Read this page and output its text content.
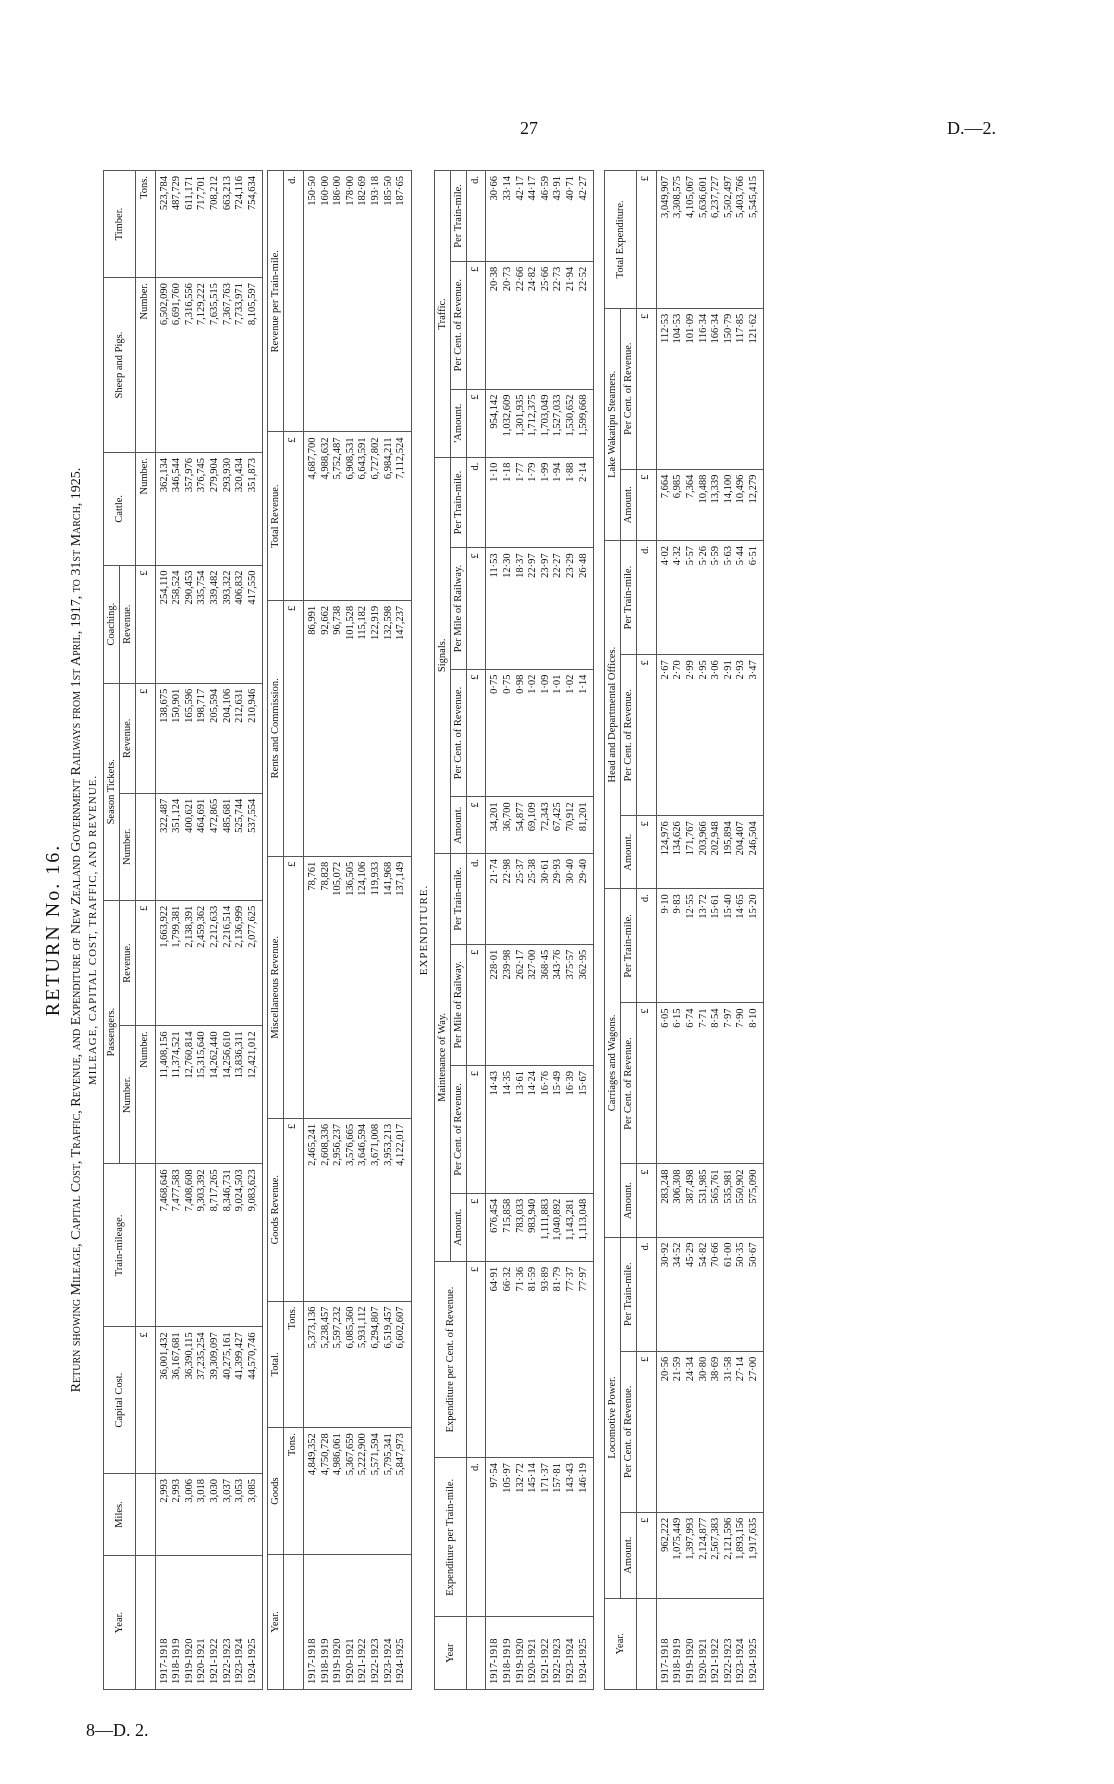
27	D.—2.
8—D. 2.
RETURN No. 16. Return showing Mileage, Capital Cost, Traffic, Revenue, and Expenditure of New Zealand Government Railways from 1st April, 1917, to 31st March, 1925. MILEAGE, CAPITAL COST, TRAFFIC, AND REVENUE.
Year.	Miles.	Capital Cost.	Train-mileage.	Passengers.		Season Tickets.		Coaching.	Cattle.	Sheep and Pigs.	Timber.
				Number.	Revenue.	Number.	Revenue.	Revenue.			
		£		Number.	£		£	£	Number.	Number.	Tons.
1917-1918	2,993	36,001,432	7,468,646	11,408,156	1,663,922	322,487	138,675	254,110	362,134	6,502,090	523,784
1918-1919	2,993	36,167,681	7,477,583	11,374,521	1,799,381	351,124	150,901	258,524	346,544	6,691,760	487,729
1919-1920	3,006	36,390,115	7,408,608	12,760,814	2,138,391	400,621	165,596	290,453	357,976	7,316,556	611,171
1920-1921	3,018	37,235,254	9,303,392	15,315,640	2,459,362	464,691	198,717	335,754	376,745	7,129,222	717,701
1921-1922	3,030	39,309,097	8,717,265	14,262,440	2,212,633	472,865	205,594	339,482	279,904	7,635,515	708,212
1922-1923	3,037	40,275,161	8,346,731	14,256,610	2,216,514	485,681	204,106	393,322	293,930	7,367,763	663,213
1923-1924	3,053	41,399,427	9,024,503	13,836,311	2,136,999	525,744	212,631	406,832	320,434	7,733,971	724,116
1924-1925	3,085	44,570,746	9,083,623	12,421,012	2,077,625	537,554	210,946	417,550	351,873	8,105,597	754,634
Year.	Goods	Total.	Goods Revenue.	Miscellaneous Revenue.	Rents and Commission.	Total Revenue.	Revenue per Train-mile.
	Tons.	Tons.	£	£	£	£	d.
1917-1918	4,849,352	5,373,136	2,465,241	78,761	86,991	4,687,700	150·50
1918-1919	4,750,728	5,238,457	2,608,336	78,828	92,662	4,988,632	160·00
1919-1920	4,986,061	5,597,232	2,956,237	105,072	96,738	5,752,487	186·00
1920-1921	5,367,659	6,085,360	3,576,665	136,505	101,528	6,908,531	178·00
1921-1922	5,222,900	5,931,112	3,646,594	124,106	115,182	6,643,591	182·69
1922-1923	5,571,594	6,294,807	3,671,008	119,933	122,919	6,727,802	193·18
1923-1924	5,795,341	6,519,457	3,953,213	141,968	132,598	6,984,211	185·50
1924-1925	5,847,973	6,602,607	4,122,017	137,149	147,237	7,112,524	187·65
EXPENDITURE.
Year	Expenditure per Train-mile.	Expenditure per Cent. of Revenue.	Maintenance of Way.				Signals.				Traffic.		
			Amount.	Per Cent. of Revenue.	Per Mile of Railway.	Per Train-mile.	Amount.	Per Cent. of Revenue.	Per Mile of Railway.	Per Train-mile.	'Amount.	Per Cent. of Revenue.	Per Train-mile.
	d.	£	£	£	£	d.	£	£	£	d.	£	£	d.
1917-1918	97·54	64·91	676,454	14·43	228·01	21·74	34,201	0·75	11·53	1·10	954,142	20·38	30·66
1918-1919	105·97	66·32	715,858	14·35	239·98	22·98	36,700	0·75	12·30	1·18	1,032,609	20·73	33·14
1919-1920	132·72	71·36	783,033	13·61	262·17	25·37	54,877	0·98	18·37	1·77	1,301,935	22·66	42·17
1920-1921	145·14	81·59	983,940	14·24	327·00	25·38	69,109	1·02	22·97	1·79	1,712,375	24·82	44·17
1921-1922	171·37	93·89	1,111,883	16·76	368·45	30·61	72,343	1·09	23·97	1·99	1,703,049	25·66	46·59
1922-1923	157·81	81·79	1,040,892	15·49	343·76	29·93	67,425	1·01	22·27	1·94	1,527,033	22·73	43·91
1923-1924	143·43	77·37	1,143,281	16·39	375·57	30·40	70,912	1·02	23·29	1·88	1,530,652	21·94	40·71
1924-1925	146·19	77·97	1,113,048	15·67	362·95	29·40	81,201	1·14	26·48	2·14	1,599,668	22·52	42·27
Year.	Locomotive Power.			Carriages and Wagons.			Head and Departmental Offices.			Lake Wakatipu Steamers.		Total Expenditure.
	Amount.	Per Cent. of Revenue.	Per Train-mile.	Amount.	Per Cent. of Revenue.	Per Train-mile.	Amount.	Per Cent. of Revenue.	Per Train-mile.	Amount.	Per Cent. of Revenue.	
	£	£	d.	£	£	d.	£	£	d.	£	£	£
1917-1918	962,222	20·56	30·92	283,248	6·05	9·10	124,976	2·67	4·02	7,664	112·53	3,049,907
1918-1919	1,075,449	21·59	34·52	306,308	6·15	9·83	134,626	2·70	4·32	6,985	104·53	3,308,575
1919-1920	1,397,993	24·34	45·29	387,498	6·74	12·55	171,767	2·99	5·57	7,364	101·09	4,105,067
1920-1921	2,124,877	30·80	54·82	531,985	7·71	13·72	203,966	2·95	5·26	10,488	116·34	5,636,601
1921-1922	2,567,383	38·69	70·66	565,761	8·54	15·61	202,948	3·06	5·59	13,339	166·34	6,237,727
1922-1923	2,121,596	31·58	61·00	535,981	7·97	15·40	195,894	2·91	5·63	14,100	150·79	5,502,497
1923-1924	1,893,156	27·14	50·35	550,902	7·90	14·65	204,407	2·93	5·44	10,496	117·85	5,403,766
1924-1925	1,917,635	27·00	50·67	575,090	8·10	15·20	246,504	3·47	6·51	12,279	121·62	5,545,415
